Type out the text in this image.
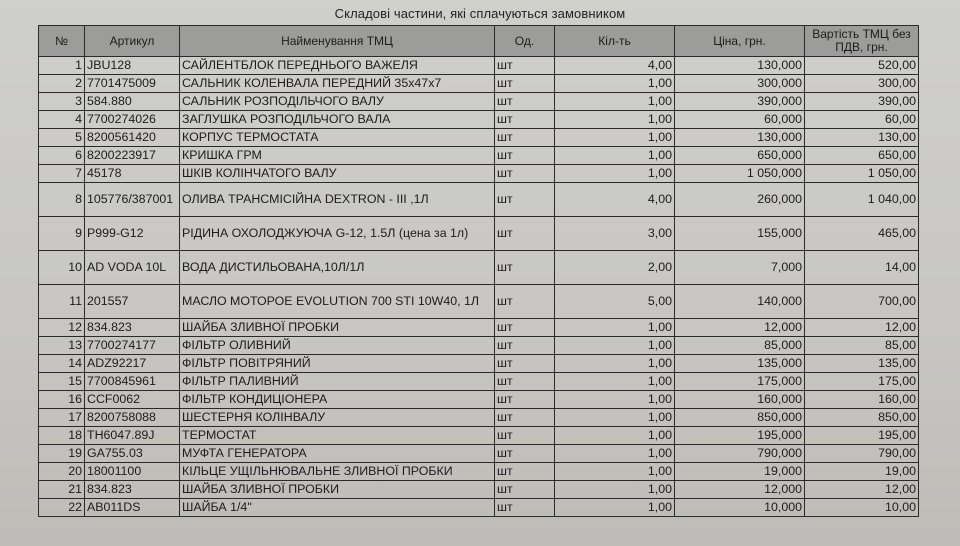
Складові частини, які сплачуються замовником
№	Артикул	Найменування ТМЦ	Од.	Кіл-ть	Ціна, грн.	Вартість ТМЦ без ПДВ, грн.
1	JBU128	САЙЛЕНТБЛОК ПЕРЕДНЬОГО ВАЖЕЛЯ	шт	4,00	130,000	520,00
2	7701475009	САЛЬНИК КОЛЕНВАЛА ПЕРЕДНИЙ 35х47х7	шт	1,00	300,000	300,00
3	584.880	САЛЬНИК РОЗПОДІЛЬЧОГО ВАЛУ	шт	1,00	390,000	390,00
4	7700274026	ЗАГЛУШКА РОЗПОДІЛЬЧОГО ВАЛА	шт	1,00	60,000	60,00
5	8200561420	КОРПУС ТЕРМОСТАТА	шт	1,00	130,000	130,00
6	8200223917	КРИШКА ГРМ	шт	1,00	650,000	650,00
7	45178	ШКІВ КОЛІНЧАТОГО ВАЛУ	шт	1,00	1 050,000	1 050,00
8	105776/387001	ОЛИВА ТРАНСМІСІЙНА DEXTRON - III ,1Л	шт	4,00	260,000	1 040,00
9	P999-G12	РІДИНА ОХОЛОДЖУЮЧА G-12, 1.5Л (цена за 1л)	шт	3,00	155,000	465,00
10	AD VODA 10L	ВОДА ДИСТИЛЬОВАНА,10Л/1Л	шт	2,00	7,000	14,00
11	201557	МАСЛО МОТОРОЕ EVOLUTION 700 STI 10W40, 1Л	шт	5,00	140,000	700,00
12	834.823	ШАЙБА ЗЛИВНОЇ ПРОБКИ	шт	1,00	12,000	12,00
13	7700274177	ФІЛЬТР ОЛИВНИЙ	шт	1,00	85,000	85,00
14	ADZ92217	ФІЛЬТР ПОВІТРЯНИЙ	шт	1,00	135,000	135,00
15	7700845961	ФІЛЬТР ПАЛИВНИЙ	шт	1,00	175,000	175,00
16	CCF0062	ФІЛЬТР КОНДИЦІОНЕРА	шт	1,00	160,000	160,00
17	8200758088	ШЕСТЕРНЯ КОЛІНВАЛУ	шт	1,00	850,000	850,00
18	TH6047.89J	ТЕРМОСТАТ	шт	1,00	195,000	195,00
19	GA755.03	МУФТА ГЕНЕРАТОРА	шт	1,00	790,000	790,00
20	18001100	КІЛЬЦЕ УЩІЛЬНЮВАЛЬНЕ ЗЛИВНОЇ ПРОБКИ	шт	1,00	19,000	19,00
21	834.823	ШАЙБА ЗЛИВНОЇ ПРОБКИ	шт	1,00	12,000	12,00
22	AB011DS	ШАЙБА 1/4"	шт	1,00	10,000	10,00
